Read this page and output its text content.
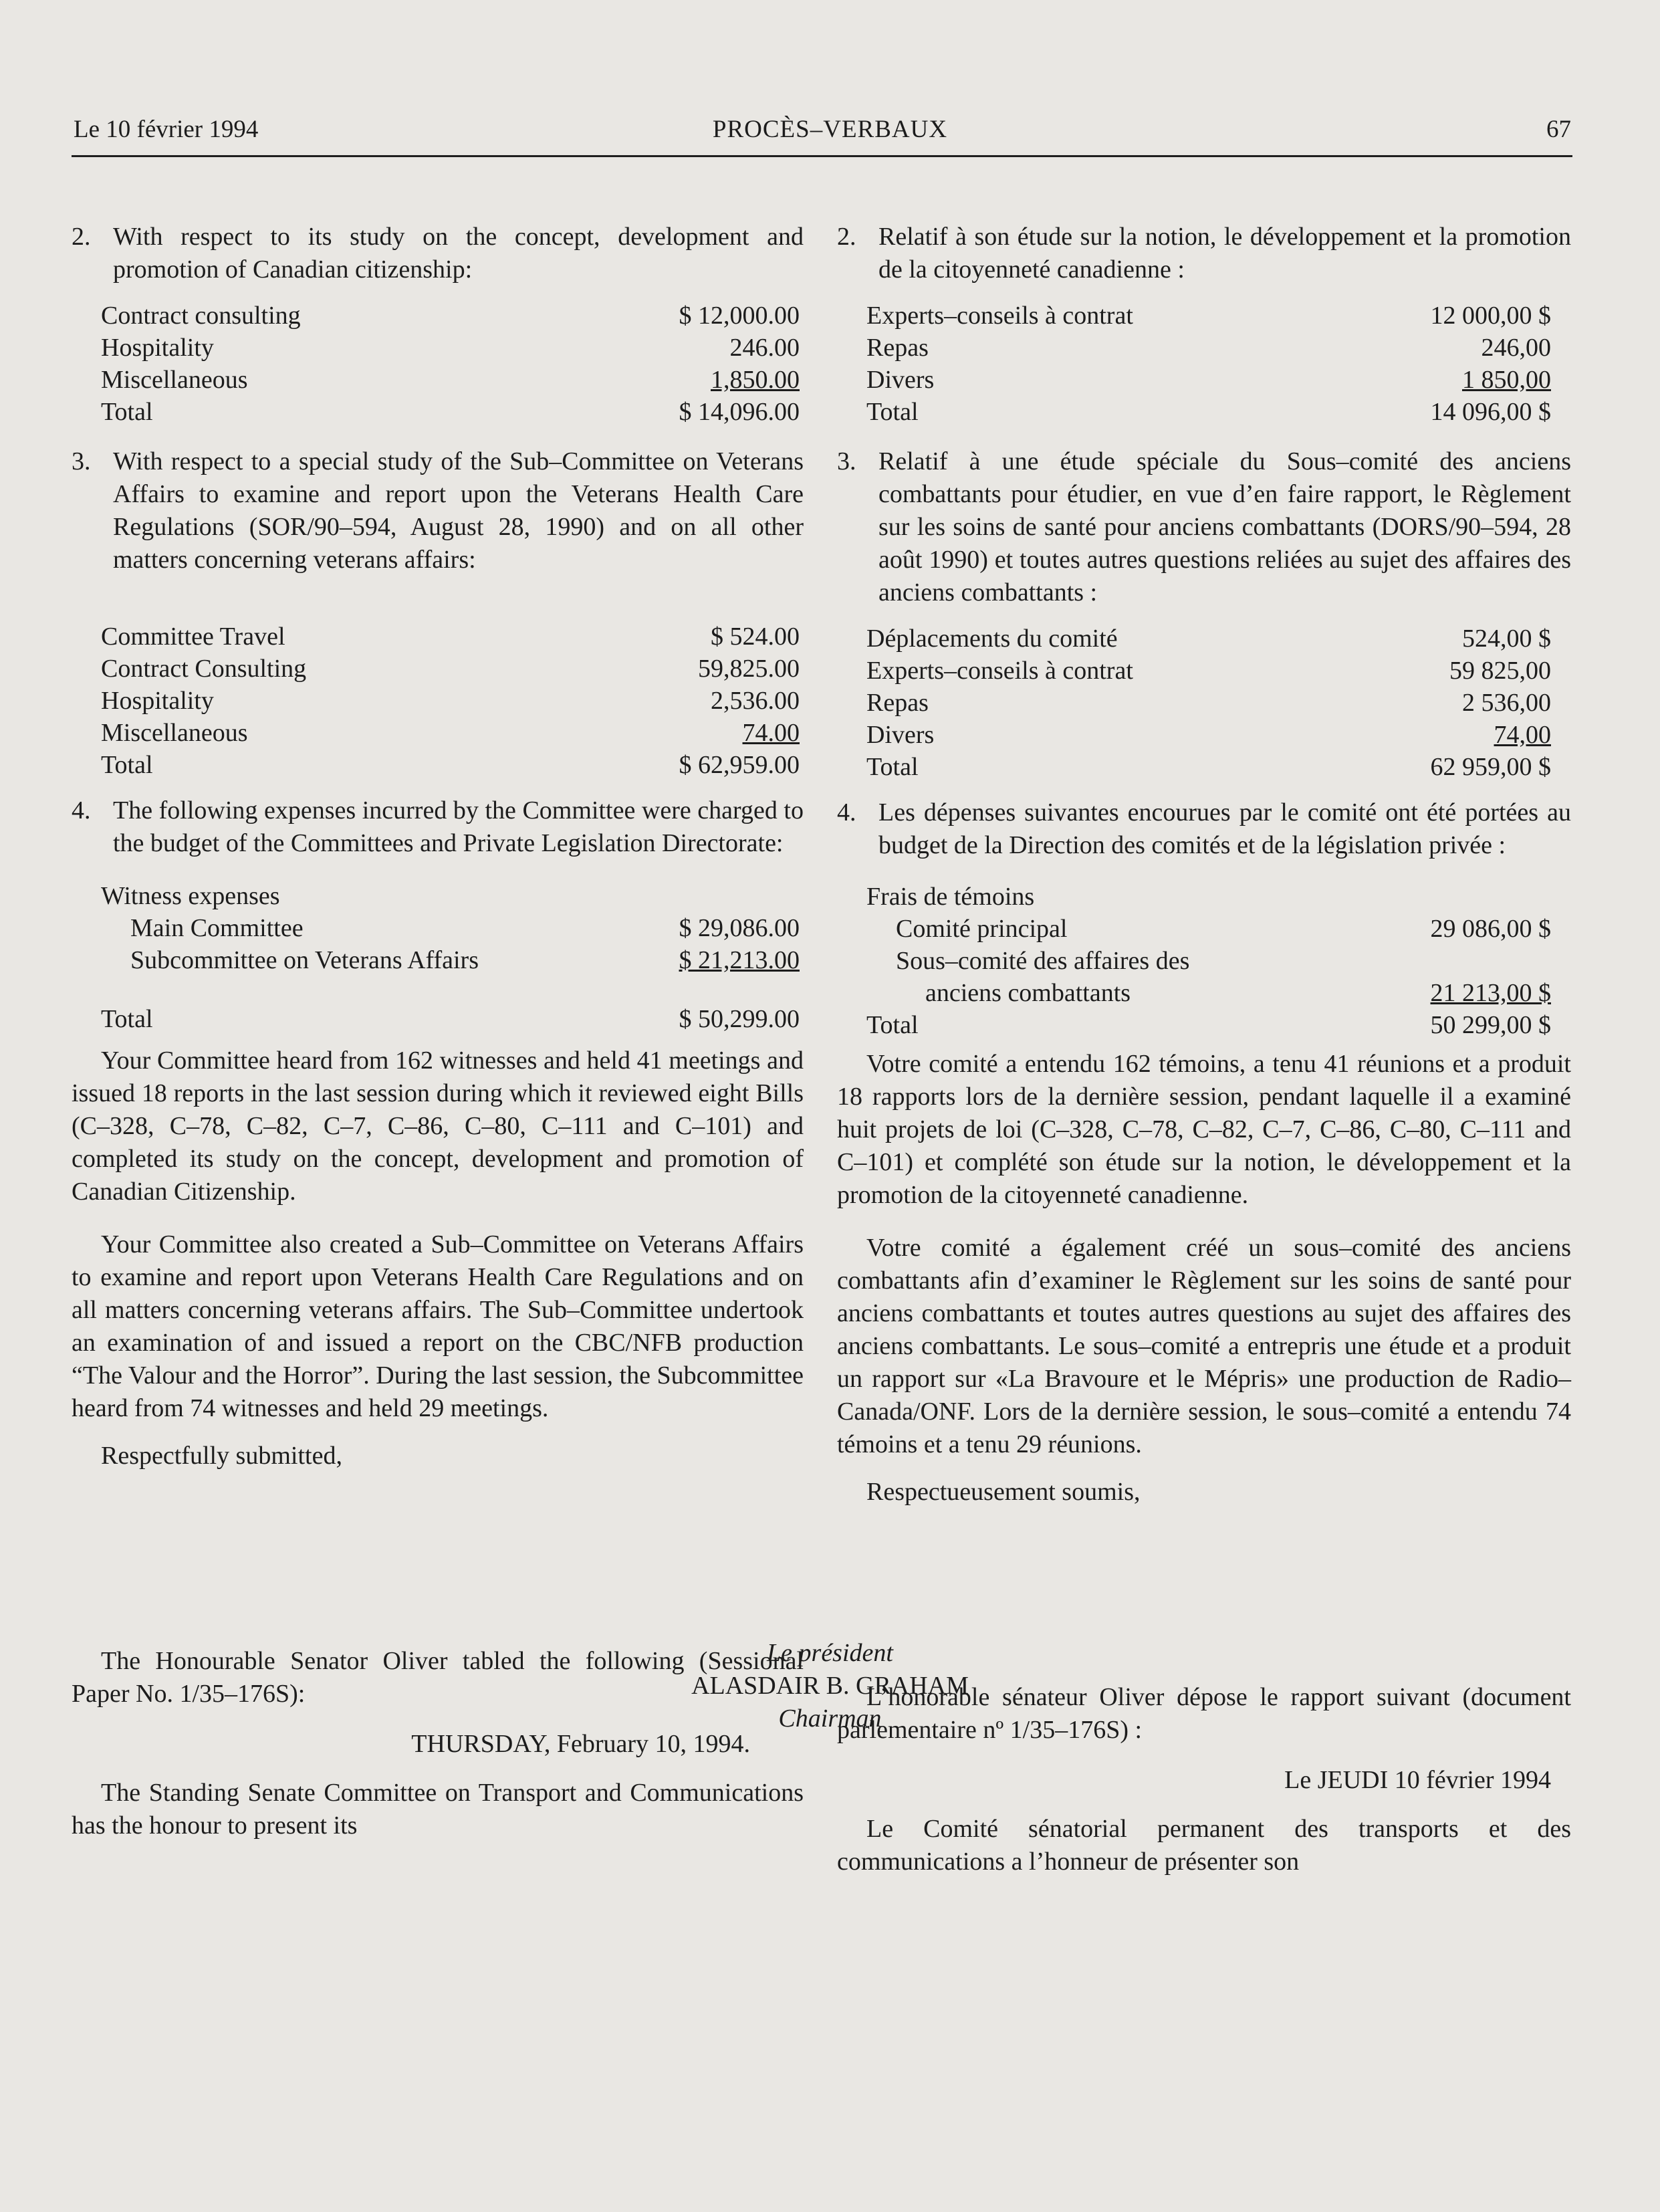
PROCÈS–VERBAUX
Le 10 février 1994	67
2. With respect to its study on the concept, development and promotion of Canadian citizenship:
Contract consulting	$ 12,000.00
Hospitality	246.00
Miscellaneous	1,850.00
Total	$ 14,096.00
3. With respect to a special study of the Sub–Committee on Veterans Affairs to examine and report upon the Veterans Health Care Regulations (SOR/90–594, August 28, 1990) and on all other matters concerning veterans affairs:
Committee Travel	$ 524.00
Contract Consulting	59,825.00
Hospitality	2,536.00
Miscellaneous	74.00
Total	$ 62,959.00
4. The following expenses incurred by the Committee were charged to the budget of the Committees and Private Legislation Directorate:
Witness expenses
Main Committee	$ 29,086.00
Subcommittee on Veterans Affairs	$ 21,213.00
Total	$ 50,299.00

Your Committee heard from 162 witnesses and held 41 meetings and issued 18 reports in the last session during which it reviewed eight Bills (C–328, C–78, C–82, C–7, C–86, C–80, C–111 and C–101) and completed its study on the concept, development and promotion of Canadian Citizenship.

Your Committee also created a Sub–Committee on Veterans Affairs to examine and report upon Veterans Health Care Regulations and on all matters concerning veterans affairs. The Sub–Committee undertook an examination of and issued a report on the CBC/NFB production “The Valour and the Horror”. During the last session, the Subcommittee heard from 74 witnesses and held 29 meetings.

Respectfully submitted,

The Honourable Senator Oliver tabled the following (Sessional Paper No. 1/35–176S):

THURSDAY, February 10, 1994.

The Standing Senate Committee on Transport and Communications has the honour to present its

2. Relatif à son étude sur la notion, le développement et la promotion de la citoyenneté canadienne :
Experts–conseils à contrat	12 000,00 $
Repas	246,00
Divers	1 850,00
Total	14 096,00 $
3. Relatif à une étude spéciale du Sous–comité des anciens combattants pour étudier, en vue d’en faire rapport, le Règlement sur les soins de santé pour anciens combattants (DORS/90–594, 28 août 1990) et toutes autres questions reliées au sujet des affaires des anciens combattants :
Déplacements du comité	524,00 $
Experts–conseils à contrat	59 825,00
Repas	2 536,00
Divers	74,00
Total	62 959,00 $
4. Les dépenses suivantes encourues par le comité ont été portées au budget de la Direction des comités et de la législation privée :
Frais de témoins
Comité principal	29 086,00 $
Sous–comité des affaires des
anciens combattants	21 213,00 $
Total	50 299,00 $

Votre comité a entendu 162 témoins, a tenu 41 réunions et a produit 18 rapports lors de la dernière session, pendant laquelle il a examiné huit projets de loi (C–328, C–78, C–82, C–7, C–86, C–80, C–111 and C–101) et complété son étude sur la notion, le développement et la promotion de la citoyenneté canadienne.

Votre comité a également créé un sous–comité des anciens combattants afin d’examiner le Règlement sur les soins de santé pour anciens combattants et toutes autres questions au sujet des affaires des anciens combattants. Le sous–comité a entrepris une étude et a produit un rapport sur «La Bravoure et le Mépris» une production de Radio–Canada/ONF. Lors de la dernière session, le sous–comité a entendu 74 témoins et a tenu 29 réunions.

Respectueusement soumis,

L’honorable sénateur Oliver dépose le rapport suivant (document parlementaire nº 1/35–176S) :

Le JEUDI 10 février 1994

Le Comité sénatorial permanent des transports et des communications a l’honneur de présenter son

Le président
ALASDAIR B. GRAHAM
Chairman
